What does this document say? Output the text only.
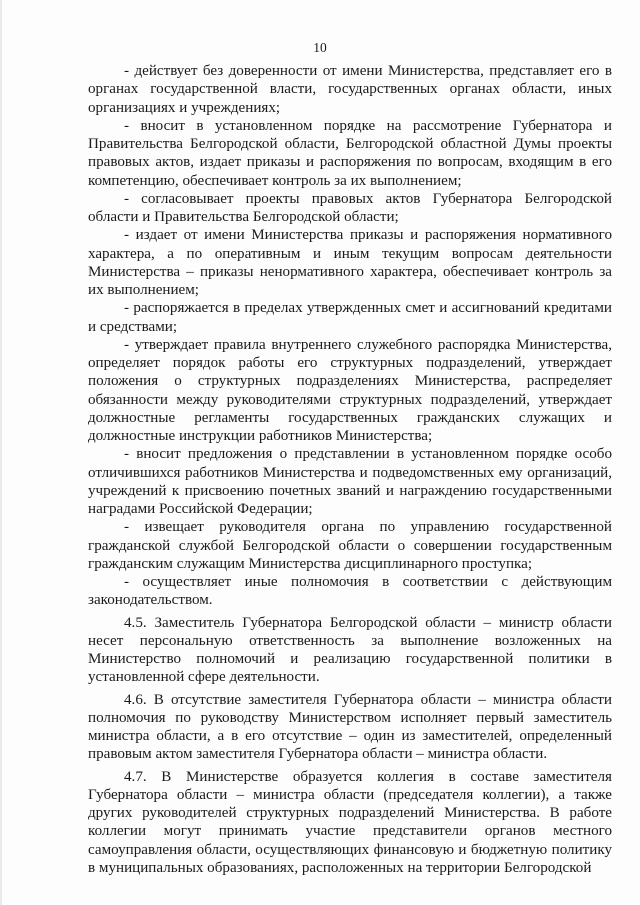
10

- действует без доверенности от имени Министерства, представляет его в органах государственной власти, государственных органах области, иных организациях и учреждениях;

- вносит в установленном порядке на рассмотрение Губернатора и Правительства Белгородской области, Белгородской областной Думы проекты правовых актов, издает приказы и распоряжения по вопросам, входящим в его компетенцию, обеспечивает контроль за их выполнением;

- согласовывает проекты правовых актов Губернатора Белгородской области и Правительства Белгородской области;

- издает от имени Министерства приказы и распоряжения нормативного характера, а по оперативным и иным текущим вопросам деятельности Министерства – приказы ненормативного характера, обеспечивает контроль за их выполнением;

- распоряжается в пределах утвержденных смет и ассигнований кредитами и средствами;

- утверждает правила внутреннего служебного распорядка Министерства, определяет порядок работы его структурных подразделений, утверждает положения о структурных подразделениях Министерства, распределяет обязанности между руководителями структурных подразделений, утверждает должностные регламенты государственных гражданских служащих и должностные инструкции работников Министерства;

- вносит предложения о представлении в установленном порядке особо отличившихся работников Министерства и подведомственных ему организаций, учреждений к присвоению почетных званий и награждению государственными наградами Российской Федерации;

- извещает руководителя органа по управлению государственной гражданской службой Белгородской области о совершении государственным гражданским служащим Министерства дисциплинарного проступка;

- осуществляет иные полномочия в соответствии с действующим законодательством.

4.5. Заместитель Губернатора Белгородской области – министр области несет персональную ответственность за выполнение возложенных на Министерство полномочий и реализацию государственной политики в установленной сфере деятельности.

4.6. В отсутствие заместителя Губернатора области – министра области полномочия по руководству Министерством исполняет первый заместитель министра области, а в его отсутствие – один из заместителей, определенный правовым актом заместителя Губернатора области – министра области.

4.7. В Министерстве образуется коллегия в составе заместителя Губернатора области – министра области (председателя коллегии), а также других руководителей структурных подразделений Министерства. В работе коллегии могут принимать участие представители органов местного самоуправления области, осуществляющих финансовую и бюджетную политику в муниципальных образованиях, расположенных на территории Белгородской
